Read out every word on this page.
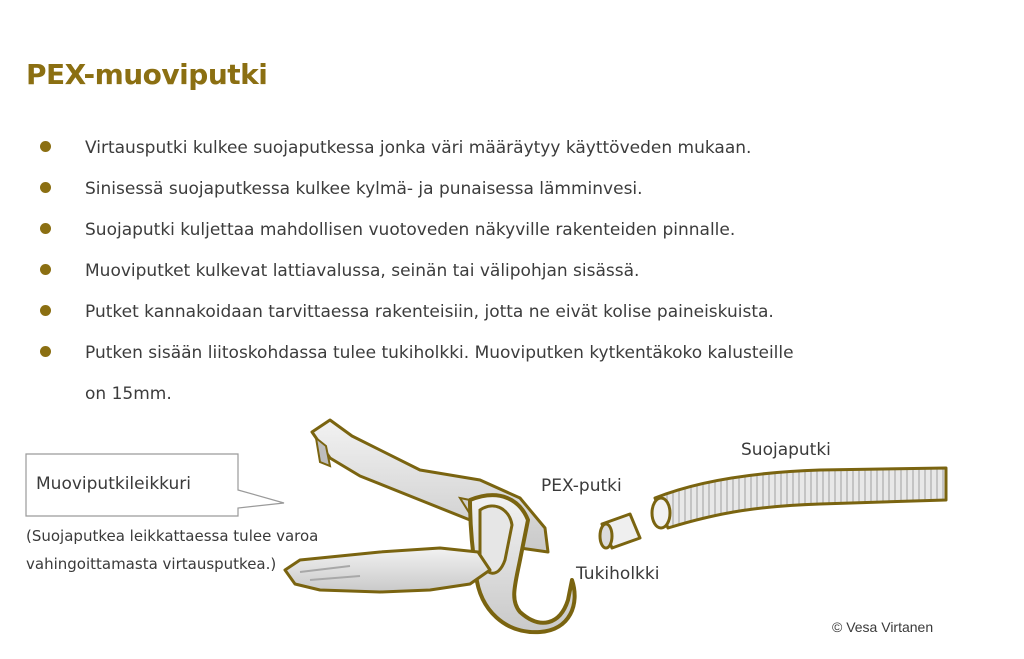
PEX-muoviputki
Virtausputki kulkee suojaputkessa jonka väri määräytyy käyttöveden mukaan.
Sinisessä suojaputkessa kulkee kylmä- ja punaisessa lämminvesi.
Suojaputki kuljettaa mahdollisen vuotoveden näkyville rakenteiden pinnalle.
Muoviputket kulkevat lattiavalussa, seinän tai välipohjan sisässä.
Putket kannakoidaan tarvittaessa rakenteisiin, jotta ne eivät kolise paineiskuista.
Putken sisään liitoskohdassa tulee tukiholkki. Muoviputken kytkentäkoko kalusteille
on 15mm.
Muoviputkileikkuri
(Suojaputkea leikkattaessa tulee varoa
vahingoittamasta virtausputkea.)
Suojaputki
PEX-putki
Tukiholkki
© Vesa Virtanen
